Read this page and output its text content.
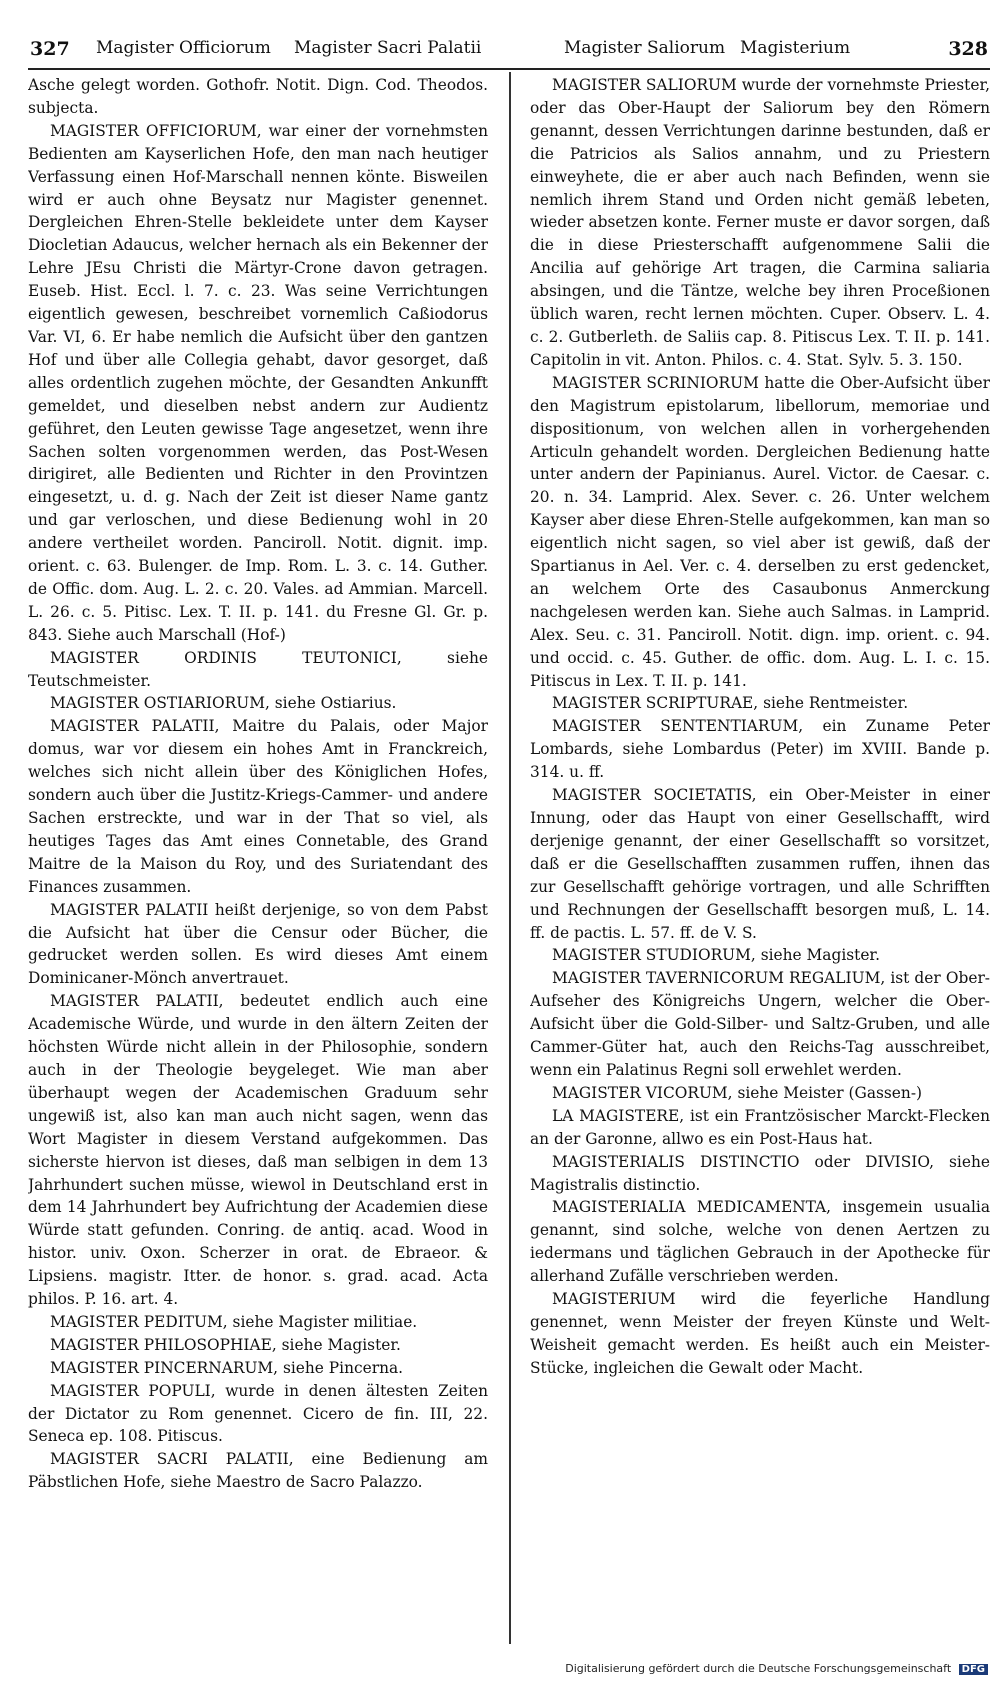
327 Magister Officiorum Magister Sacri Palatii	Magister Saliorum Magisterium	328

Asche gelegt worden. Gothofr. Notit. Dign. Cod. Theodos. subjecta.

MAGISTER OFFICIORUM, war einer der vornehmsten Bedienten am Kayserlichen Hofe, den man nach heutiger Verfassung einen Hof-Marschall nennen könte. Bisweilen wird er auch ohne Beysatz nur Magister genennet. Dergleichen Ehren-Stelle bekleidete unter dem Kayser Diocletian Adaucus, welcher hernach als ein Bekenner der Lehre JEsu Christi die Märtyr-Crone davon getragen. Euseb. Hist. Eccl. l. 7. c. 23. Was seine Verrichtungen eigentlich gewesen, beschreibet vornemlich Caßiodorus Var. VI, 6. Er habe nemlich die Aufsicht über den gantzen Hof und über alle Collegia gehabt, davor gesorget, daß alles ordentlich zugehen möchte, der Gesandten Ankunfft gemeldet, und dieselben nebst andern zur Audientz geführet, den Leuten gewisse Tage angesetzet, wenn ihre Sachen solten vorgenommen werden, das Post-Wesen dirigiret, alle Bedienten und Richter in den Provintzen eingesetzt, u. d. g. Nach der Zeit ist dieser Name gantz und gar verloschen, und diese Bedienung wohl in 20 andere vertheilet worden. Panciroll. Notit. dignit. imp. orient. c. 63. Bulenger. de Imp. Rom. L. 3. c. 14. Guther. de Offic. dom. Aug. L. 2. c. 20. Vales. ad Ammian. Marcell. L. 26. c. 5. Pitisc. Lex. T. II. p. 141. du Fresne Gl. Gr. p. 843. Siehe auch Marschall (Hof-)

MAGISTER ORDINIS TEUTONICI, siehe Teutschmeister.

MAGISTER OSTIARIORUM, siehe Ostiarius.

MAGISTER PALATII, Maitre du Palais, oder Major domus, war vor diesem ein hohes Amt in Franckreich, welches sich nicht allein über des Königlichen Hofes, sondern auch über die Justitz-Kriegs-Cammer- und andere Sachen erstreckte, und war in der That so viel, als heutiges Tages das Amt eines Connetable, des Grand Maitre de la Maison du Roy, und des Suriatendant des Finances zusammen.

MAGISTER PALATII heißt derjenige, so von dem Pabst die Aufsicht hat über die Censur oder Bücher, die gedrucket werden sollen. Es wird dieses Amt einem Dominicaner-Mönch anvertrauet.

MAGISTER PALATII, bedeutet endlich auch eine Academische Würde, und wurde in den ältern Zeiten der höchsten Würde nicht allein in der Philosophie, sondern auch in der Theologie beygeleget. Wie man aber überhaupt wegen der Academischen Graduum sehr ungewiß ist, also kan man auch nicht sagen, wenn das Wort Magister in diesem Verstand aufgekommen. Das sicherste hiervon ist dieses, daß man selbigen in dem 13 Jahrhundert suchen müsse, wiewol in Deutschland erst in dem 14 Jahrhundert bey Aufrichtung der Academien diese Würde statt gefunden. Conring. de antiq. acad. Wood in histor. univ. Oxon. Scherzer in orat. de Ebraeor. & Lipsiens. magistr. Itter. de honor. s. grad. acad. Acta philos. P. 16. art. 4.

MAGISTER PEDITUM, siehe Magister militiae.

MAGISTER PHILOSOPHIAE, siehe Magister.

MAGISTER PINCERNARUM, siehe Pincerna.

MAGISTER POPULI, wurde in denen ältesten Zeiten der Dictator zu Rom genennet. Cicero de fin. III, 22. Seneca ep. 108. Pitiscus.

MAGISTER SACRI PALATII, eine Bedienung am Päbstlichen Hofe, siehe Maestro de Sacro Palazzo.

MAGISTER SALIORUM wurde der vornehmste Priester, oder das Ober-Haupt der Saliorum bey den Römern genannt, dessen Verrichtungen darinne bestunden, daß er die Patricios als Salios annahm, und zu Priestern einweyhete, die er aber auch nach Befinden, wenn sie nemlich ihrem Stand und Orden nicht gemäß lebeten, wieder absetzen konte. Ferner muste er davor sorgen, daß die in diese Priesterschafft aufgenommene Salii die Ancilia auf gehörige Art tragen, die Carmina saliaria absingen, und die Täntze, welche bey ihren Proceßionen üblich waren, recht lernen möchten. Cuper. Observ. L. 4. c. 2. Gutberleth. de Saliis cap. 8. Pitiscus Lex. T. II. p. 141. Capitolin in vit. Anton. Philos. c. 4. Stat. Sylv. 5. 3. 150.

MAGISTER SCRINIORUM hatte die Ober-Aufsicht über den Magistrum epistolarum, libellorum, memoriae und dispositionum, von welchen allen in vorhergehenden Articuln gehandelt worden. Dergleichen Bedienung hatte unter andern der Papinianus. Aurel. Victor. de Caesar. c. 20. n. 34. Lamprid. Alex. Sever. c. 26. Unter welchem Kayser aber diese Ehren-Stelle aufgekommen, kan man so eigentlich nicht sagen, so viel aber ist gewiß, daß der Spartianus in Ael. Ver. c. 4. derselben zu erst gedencket, an welchem Orte des Casaubonus Anmerckung nachgelesen werden kan. Siehe auch Salmas. in Lamprid. Alex. Seu. c. 31. Panciroll. Notit. dign. imp. orient. c. 94. und occid. c. 45. Guther. de offic. dom. Aug. L. I. c. 15. Pitiscus in Lex. T. II. p. 141.

MAGISTER SCRIPTURAE, siehe Rentmeister.

MAGISTER SENTENTIARUM, ein Zuname Peter Lombards, siehe Lombardus (Peter) im XVIII. Bande p. 314. u. ff.

MAGISTER SOCIETATIS, ein Ober-Meister in einer Innung, oder das Haupt von einer Gesellschafft, wird derjenige genannt, der einer Gesellschafft so vorsitzet, daß er die Gesellschafften zusammen ruffen, ihnen das zur Gesellschafft gehörige vortragen, und alle Schrifften und Rechnungen der Gesellschafft besorgen muß, L. 14. ff. de pactis. L. 57. ff. de V. S.

MAGISTER STUDIORUM, siehe Magister.

MAGISTER TAVERNICORUM REGALIUM, ist der Ober-Aufseher des Königreichs Ungern, welcher die Ober-Aufsicht über die Gold-Silber- und Saltz-Gruben, und alle Cammer-Güter hat, auch den Reichs-Tag ausschreibet, wenn ein Palatinus Regni soll erwehlet werden.

MAGISTER VICORUM, siehe Meister (Gassen-)

LA MAGISTERE, ist ein Frantzösischer Marckt-Flecken an der Garonne, allwo es ein Post-Haus hat.

MAGISTERIALIS DISTINCTIO oder DIVISIO, siehe Magistralis distinctio.

MAGISTERIALIA MEDICAMENTA, insgemein usualia genannt, sind solche, welche von denen Aertzen zu iedermans und täglichen Gebrauch in der Apothecke für allerhand Zufälle verschrieben werden.

MAGISTERIUM wird die feyerliche Handlung genennet, wenn Meister der freyen Künste und Welt-Weisheit gemacht werden. Es heißt auch ein Meister-Stücke, ingleichen die Gewalt oder Macht.

Digitalisierung gefördert durch die Deutsche Forschungsgemeinschaft DFG
